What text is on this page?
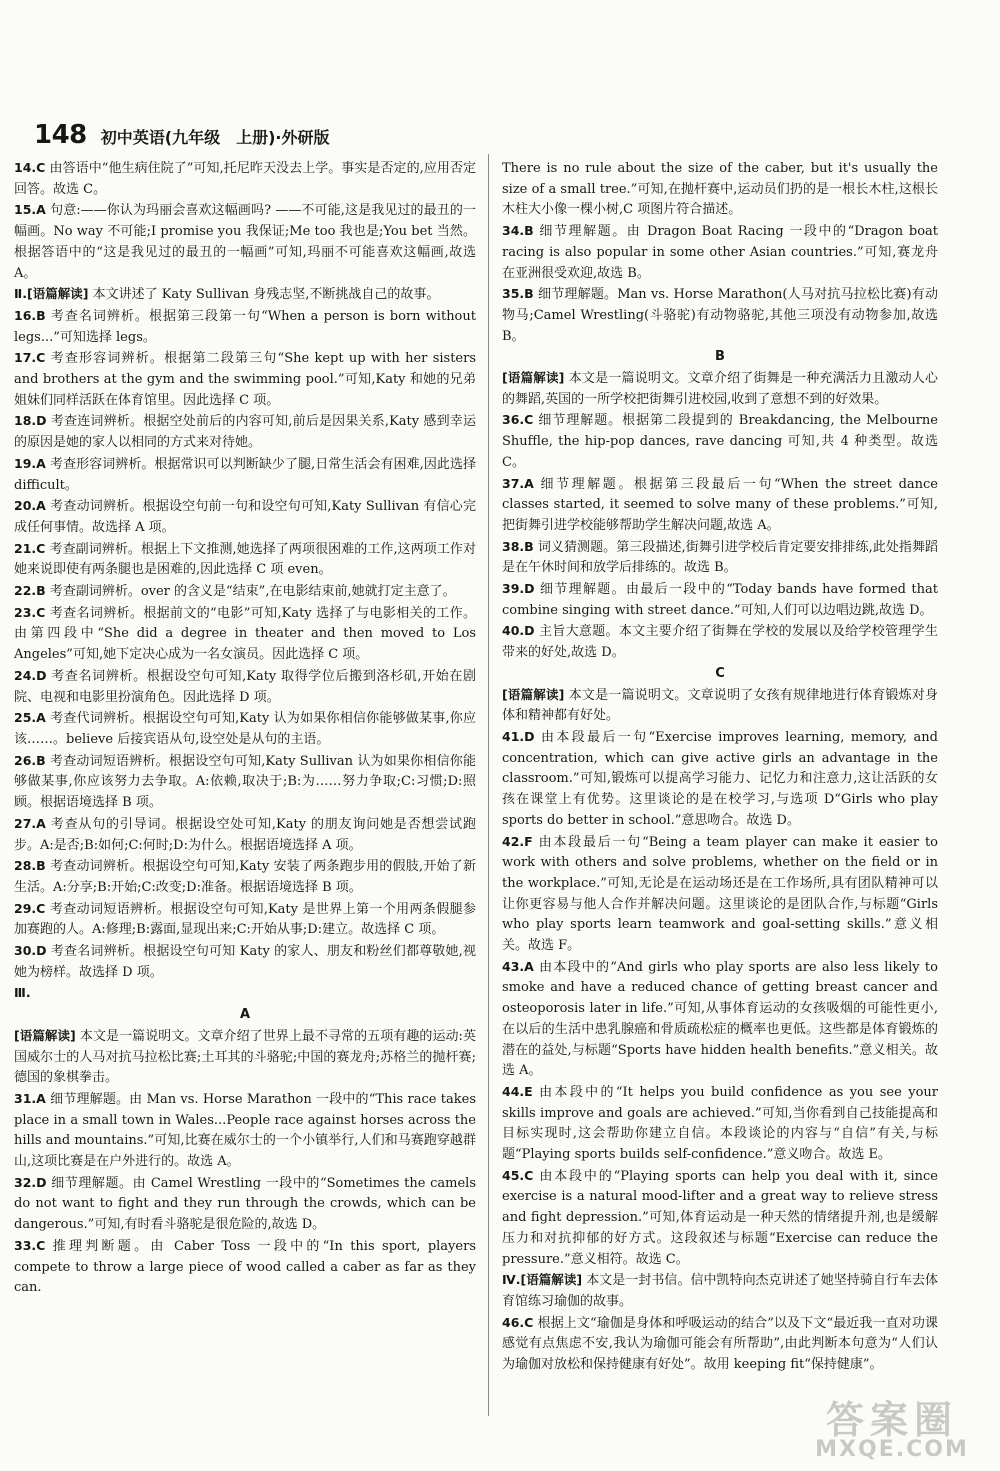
148 初中英语(九年级　上册)·外研版

14.C 由答语中“他生病住院了”可知,托尼昨天没去上学。事实是否定的,应用否定回答。故选 C。

15.A 句意:——你认为玛丽会喜欢这幅画吗? ——不可能,这是我见过的最丑的一幅画。No way 不可能;I promise you 我保证;Me too 我也是;You bet 当然。根据答语中的“这是我见过的最丑的一幅画”可知,玛丽不可能喜欢这幅画,故选 A。

Ⅱ.[语篇解读] 本文讲述了 Katy Sullivan 身残志坚,不断挑战自己的故事。

16.B 考查名词辨析。根据第三段第一句“When a person is born without legs...”可知选择 legs。

17.C 考查形容词辨析。根据第二段第三句“She kept up with her sisters and brothers at the gym and the swimming pool.”可知,Katy 和她的兄弟姐妹们同样活跃在体育馆里。因此选择 C 项。

18.D 考查连词辨析。根据空处前后的内容可知,前后是因果关系,Katy 感到幸运的原因是她的家人以相同的方式来对待她。

19.A 考查形容词辨析。根据常识可以判断缺少了腿,日常生活会有困难,因此选择 difficult。

20.A 考查动词辨析。根据设空句前一句和设空句可知,Katy Sullivan 有信心完成任何事情。故选择 A 项。

21.C 考查副词辨析。根据上下文推测,她选择了两项很困难的工作,这两项工作对她来说即使有两条腿也是困难的,因此选择 C 项 even。

22.B 考查副词辨析。over 的含义是“结束”,在电影结束前,她就打定主意了。

23.C 考查名词辨析。根据前文的“电影”可知,Katy 选择了与电影相关的工作。由第四段中“She did a degree in theater and then moved to Los Angeles”可知,她下定决心成为一名女演员。因此选择 C 项。

24.D 考查名词辨析。根据设空句可知,Katy 取得学位后搬到洛杉矶,开始在剧院、电视和电影里扮演角色。因此选择 D 项。

25.A 考查代词辨析。根据设空句可知,Katy 认为如果你相信你能够做某事,你应该……。believe 后接宾语从句,设空处是从句的主语。

26.B 考查动词短语辨析。根据设空句可知,Katy Sullivan 认为如果你相信你能够做某事,你应该努力去争取。A:依赖,取决于;B:为……努力争取;C:习惯;D:照顾。根据语境选择 B 项。

27.A 考查从句的引导词。根据设空处可知,Katy 的朋友询问她是否想尝试跑步。A:是否;B:如何;C:何时;D:为什么。根据语境选择 A 项。

28.B 考查动词辨析。根据设空句可知,Katy 安装了两条跑步用的假肢,开始了新生活。A:分享;B:开始;C:改变;D:准备。根据语境选择 B 项。

29.C 考查动词短语辨析。根据设空句可知,Katy 是世界上第一个用两条假腿参加赛跑的人。A:修理;B:露面,显现出来;C:开始从事;D:建立。故选择 C 项。

30.D 考查名词辨析。根据设空句可知 Katy 的家人、朋友和粉丝们都尊敬她,视她为榜样。故选择 D 项。

Ⅲ.

A

[语篇解读] 本文是一篇说明文。文章介绍了世界上最不寻常的五项有趣的运动:英国威尔士的人马对抗马拉松比赛;土耳其的斗骆驼;中国的赛龙舟;苏格兰的抛杆赛;德国的象棋拳击。

31.A 细节理解题。由 Man vs. Horse Marathon 一段中的“This race takes place in a small town in Wales...People race against horses across the hills and mountains.”可知,比赛在威尔士的一个小镇举行,人们和马赛跑穿越群山,这项比赛是在户外进行的。故选 A。

32.D 细节理解题。由 Camel Wrestling 一段中的“Sometimes the camels do not want to fight and they run through the crowds, which can be dangerous.”可知,有时看斗骆驼是很危险的,故选 D。

33.C 推理判断题。由 Caber Toss 一段中的“In this sport, players compete to throw a large piece of wood called a caber as far as they can.

There is no rule about the size of the caber, but it's usually the size of a small tree.”可知,在抛杆赛中,运动员们扔的是一根长木柱,这根长木柱大小像一棵小树,C 项图片符合描述。

34.B 细节理解题。由 Dragon Boat Racing 一段中的“Dragon boat racing is also popular in some other Asian countries.”可知,赛龙舟在亚洲很受欢迎,故选 B。

35.B 细节理解题。Man vs. Horse Marathon(人马对抗马拉松比赛)有动物马;Camel Wrestling(斗骆驼)有动物骆驼,其他三项没有动物参加,故选 B。

B

[语篇解读] 本文是一篇说明文。文章介绍了街舞是一种充满活力且激动人心的舞蹈,英国的一所学校把街舞引进校园,收到了意想不到的好效果。

36.C 细节理解题。根据第二段提到的 Breakdancing, the Melbourne Shuffle, the hip-pop dances, rave dancing 可知,共 4 种类型。故选 C。

37.A 细节理解题。根据第三段最后一句“When the street dance classes started, it seemed to solve many of these problems.”可知,把街舞引进学校能够帮助学生解决问题,故选 A。

38.B 词义猜测题。第三段描述,街舞引进学校后肯定要安排排练,此处指舞蹈是在午休时间和放学后排练的。故选 B。

39.D 细节理解题。由最后一段中的“Today bands have formed that combine singing with street dance.”可知,人们可以边唱边跳,故选 D。

40.D 主旨大意题。本文主要介绍了街舞在学校的发展以及给学校管理学生带来的好处,故选 D。

C

[语篇解读] 本文是一篇说明文。文章说明了女孩有规律地进行体育锻炼对身体和精神都有好处。

41.D 由本段最后一句“Exercise improves learning, memory, and concentration, which can give active girls an advantage in the classroom.”可知,锻炼可以提高学习能力、记忆力和注意力,这让活跃的女孩在课堂上有优势。这里谈论的是在校学习,与选项 D“Girls who play sports do better in school.”意思吻合。故选 D。

42.F 由本段最后一句“Being a team player can make it easier to work with others and solve problems, whether on the field or in the workplace.”可知,无论是在运动场还是在工作场所,具有团队精神可以让你更容易与他人合作并解决问题。这里谈论的是团队合作,与标题“Girls who play sports learn teamwork and goal-setting skills.”意义相关。故选 F。

43.A 由本段中的“And girls who play sports are also less likely to smoke and have a reduced chance of getting breast cancer and osteoporosis later in life.”可知,从事体育运动的女孩吸烟的可能性更小,在以后的生活中患乳腺癌和骨质疏松症的概率也更低。这些都是体育锻炼的潜在的益处,与标题“Sports have hidden health benefits.”意义相关。故选 A。

44.E 由本段中的“It helps you build confidence as you see your skills improve and goals are achieved.”可知,当你看到自己技能提高和目标实现时,这会帮助你建立自信。本段谈论的内容与“自信”有关,与标题“Playing sports builds self-confidence.”意义吻合。故选 E。

45.C 由本段中的“Playing sports can help you deal with it, since exercise is a natural mood-lifter and a great way to relieve stress and fight depression.”可知,体育运动是一种天然的情绪提升剂,也是缓解压力和对抗抑郁的好方式。这段叙述与标题“Exercise can reduce the pressure.”意义相符。故选 C。

Ⅳ.[语篇解读] 本文是一封书信。信中凯特向杰克讲述了她坚持骑自行车去体育馆练习瑜伽的故事。

46.C 根据上文“瑜伽是身体和呼吸运动的结合”以及下文“最近我一直对功课感觉有点焦虑不安,我认为瑜伽可能会有所帮助”,由此判断本句意为“人们认为瑜伽对放松和保持健康有好处”。故用 keeping fit“保持健康”。

答案圈
MXQE.COM
